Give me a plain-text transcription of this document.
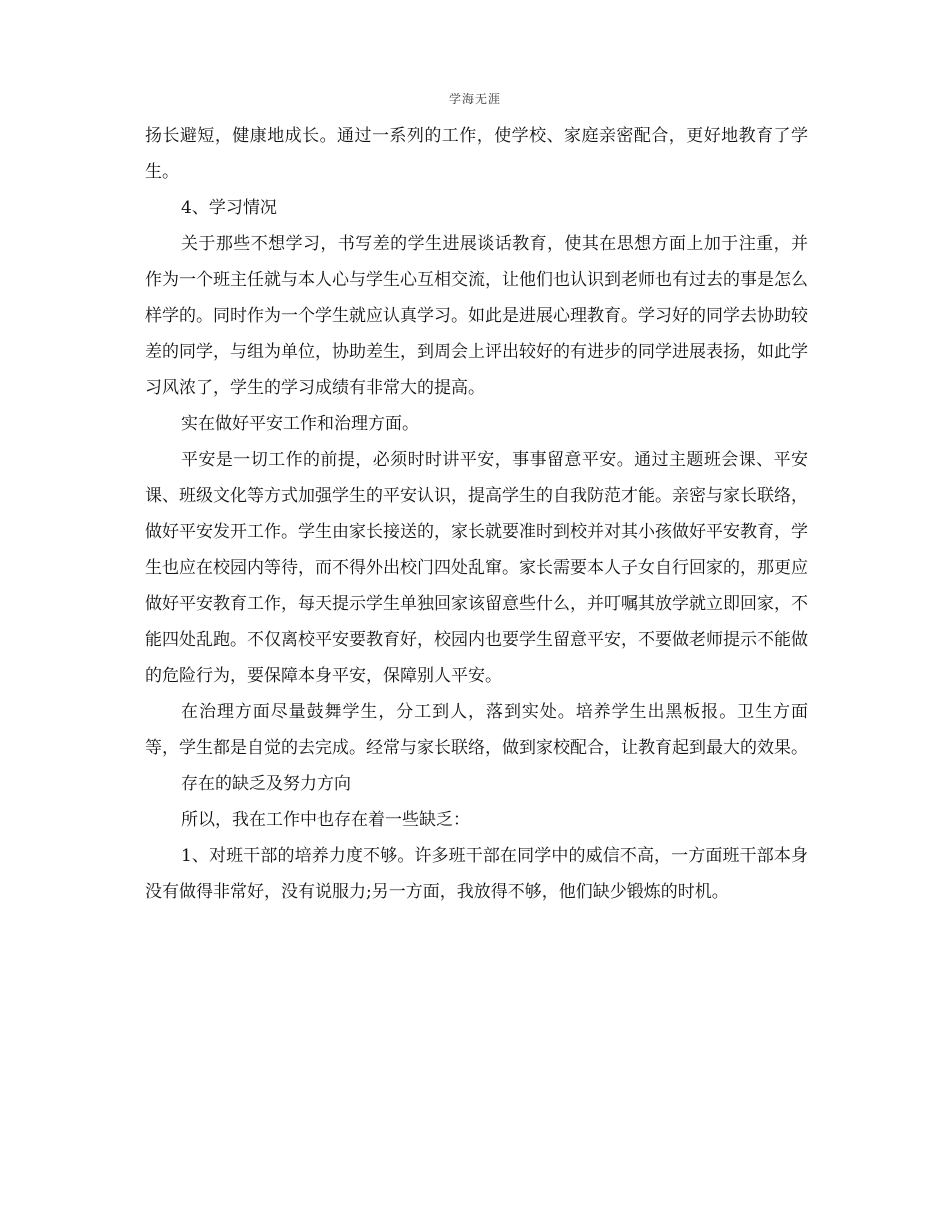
学海无涯

扬长避短，健康地成长。通过一系列的工作，使学校、家庭亲密配合，更好地教育了学生。

4、学习情况

关于那些不想学习，书写差的学生进展谈话教育，使其在思想方面上加于注重，并作为一个班主任就与本人心与学生心互相交流，让他们也认识到老师也有过去的事是怎么样学的。同时作为一个学生就应认真学习。如此是进展心理教育。学习好的同学去协助较差的同学，与组为单位，协助差生，到周会上评出较好的有进步的同学进展表扬，如此学习风浓了，学生的学习成绩有非常大的提高。

实在做好平安工作和治理方面。

平安是一切工作的前提，必须时时讲平安，事事留意平安。通过主题班会课、平安课、班级文化等方式加强学生的平安认识，提高学生的自我防范才能。亲密与家长联络，做好平安发开工作。学生由家长接送的，家长就要准时到校并对其小孩做好平安教育，学生也应在校园内等待，而不得外出校门四处乱窜。家长需要本人子女自行回家的，那更应做好平安教育工作，每天提示学生单独回家该留意些什么，并叮嘱其放学就立即回家，不能四处乱跑。不仅离校平安要教育好，校园内也要学生留意平安，不要做老师提示不能做的危险行为，要保障本身平安，保障别人平安。

在治理方面尽量鼓舞学生，分工到人，落到实处。培养学生出黑板报。卫生方面等，学生都是自觉的去完成。经常与家长联络，做到家校配合，让教育起到最大的效果。

存在的缺乏及努力方向

所以，我在工作中也存在着一些缺乏：

1、对班干部的培养力度不够。许多班干部在同学中的威信不高，一方面班干部本身没有做得非常好，没有说服力;另一方面，我放得不够，他们缺少锻炼的时机。
